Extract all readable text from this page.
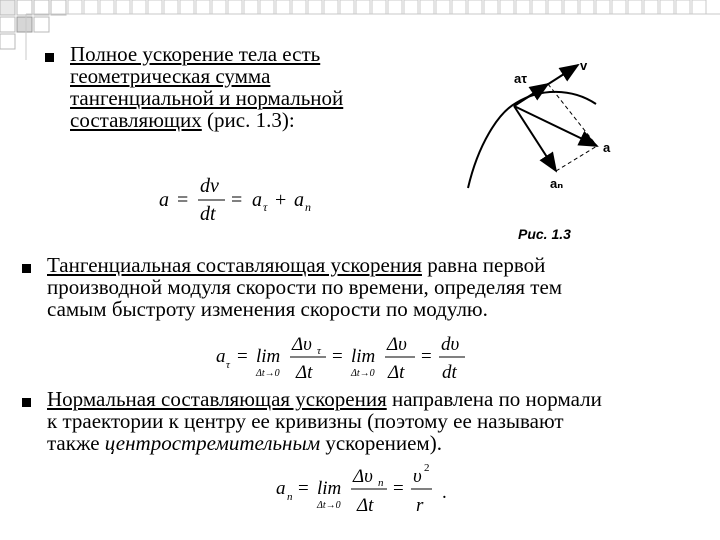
Полное ускорение тела есть
геометрическая сумма
тангенциальной и нормальной
составляющих (рис. 1.3):
Тангенциальная составляющая ускорения равна первой
производной модуля скорости по времени, определяя тем
самым быстроту изменения скорости по модулю.
Нормальная составляющая ускорения направлена по нормали
к траектории к центру ее кривизны (поэтому ее называют
также центростремительным ускорением).
a =
dv
dt
= a τ + a n
a τ = lim
Δt→0
Δυ τ
Δt
= lim
Δt→0
Δυ
Δt
=
dυ
dt
a n = lim
Δt→0
Δυ n
Δt
=
υ 2
r
.
v
a
aτ
aₙ
Рис. 1.3
